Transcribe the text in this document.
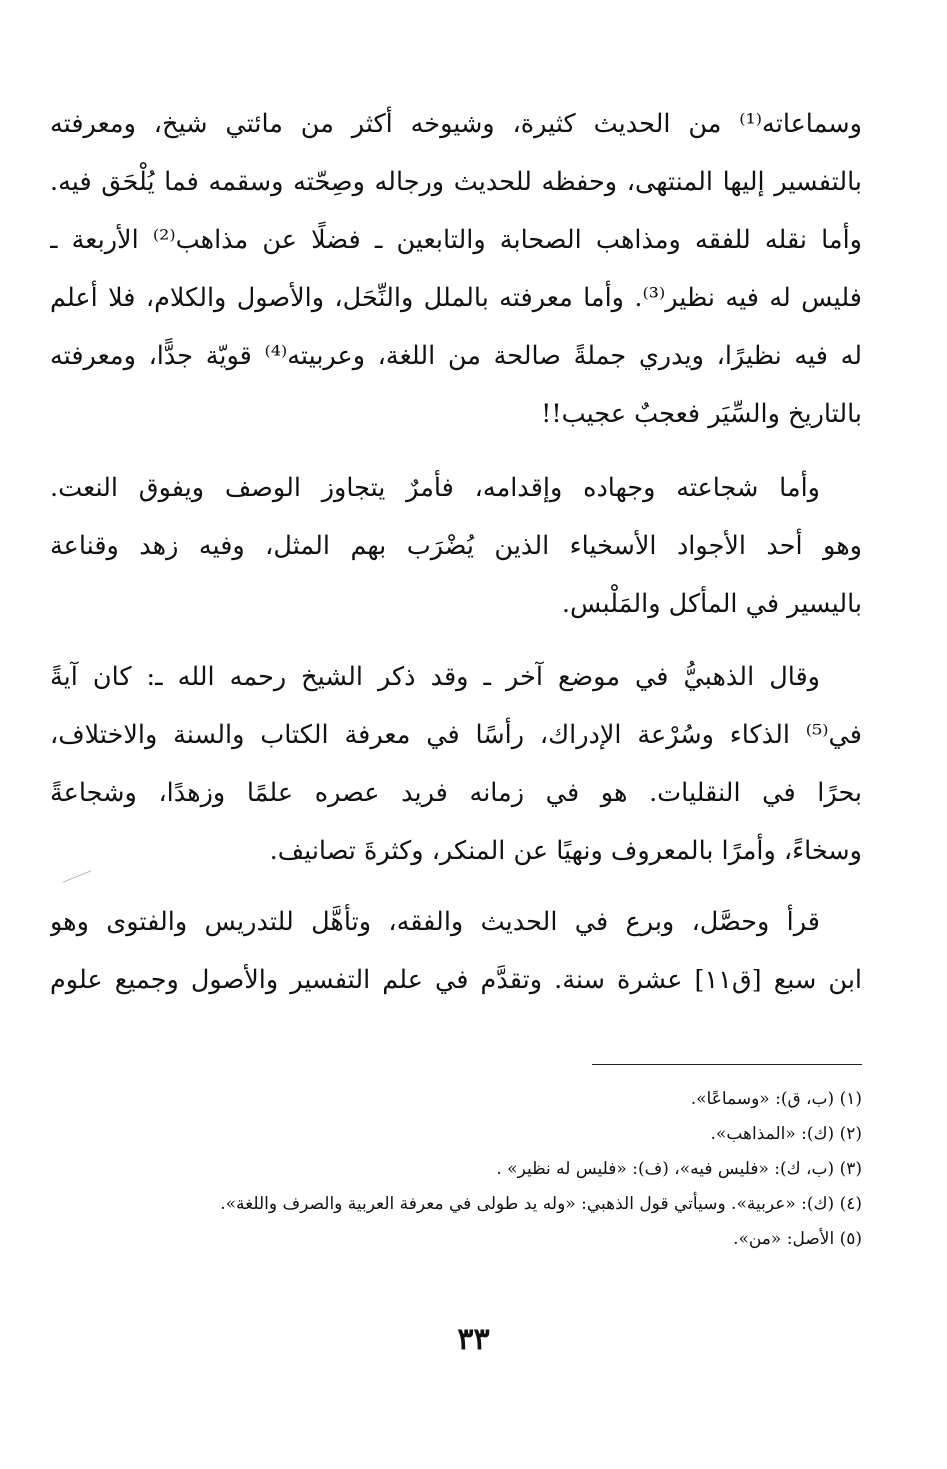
وسماعاته⁽¹⁾ من الحديث كثيرة، وشيوخه أكثر من مائتي شيخ، ومعرفته
بالتفسير إليها المنتهى، وحفظه للحديث ورجاله وصِحّته وسقمه فما يُلْحَق فيه.
وأما نقله للفقه ومذاهب الصحابة والتابعين ـ فضلًا عن مذاهب⁽²⁾ الأربعة ـ
فليس له فيه نظير⁽³⁾. وأما معرفته بالملل والنِّحَل، والأصول والكلام، فلا أعلم
له فيه نظيرًا، ويدري جملةً صالحة من اللغة، وعربيته⁽⁴⁾ قويّة جدًّا، ومعرفته
بالتاريخ والسِّيَر فعجبٌ عجيب!!
وأما شجاعته وجهاده وإقدامه، فأمرٌ يتجاوز الوصف ويفوق النعت.
وهو أحد الأجواد الأسخياء الذين يُضْرَب بهم المثل، وفيه زهد وقناعة
باليسير في المأكل والمَلْبس.
وقال الذهبيُّ في موضع آخر ـ وقد ذكر الشيخ رحمه الله ـ: كان آيةً
في⁽⁵⁾ الذكاء وسُرْعة الإدراك، رأسًا في معرفة الكتاب والسنة والاختلاف،
بحرًا في النقليات. هو في زمانه فريد عصره علمًا وزهدًا، وشجاعةً
وسخاءً، وأمرًا بالمعروف ونهيًا عن المنكر، وكثرةَ تصانيف.
قرأ وحصَّل، وبرع في الحديث والفقه، وتأهَّل للتدريس والفتوى وهو
ابن سبع [ق١١] عشرة سنة. وتقدَّم في علم التفسير والأصول وجميع علوم
(١) (ب، ق): «وسماعًا».
(٢) (ك): «المذاهب».
(٣) (ب، ك): «فليس فيه»، (ف): «فليس له نظير» .
(٤) (ك): «عربية». وسيأتي قول الذهبي: «وله يد طولى في معرفة العربية والصرف واللغة».
(٥) الأصل: «من».
٣٣
